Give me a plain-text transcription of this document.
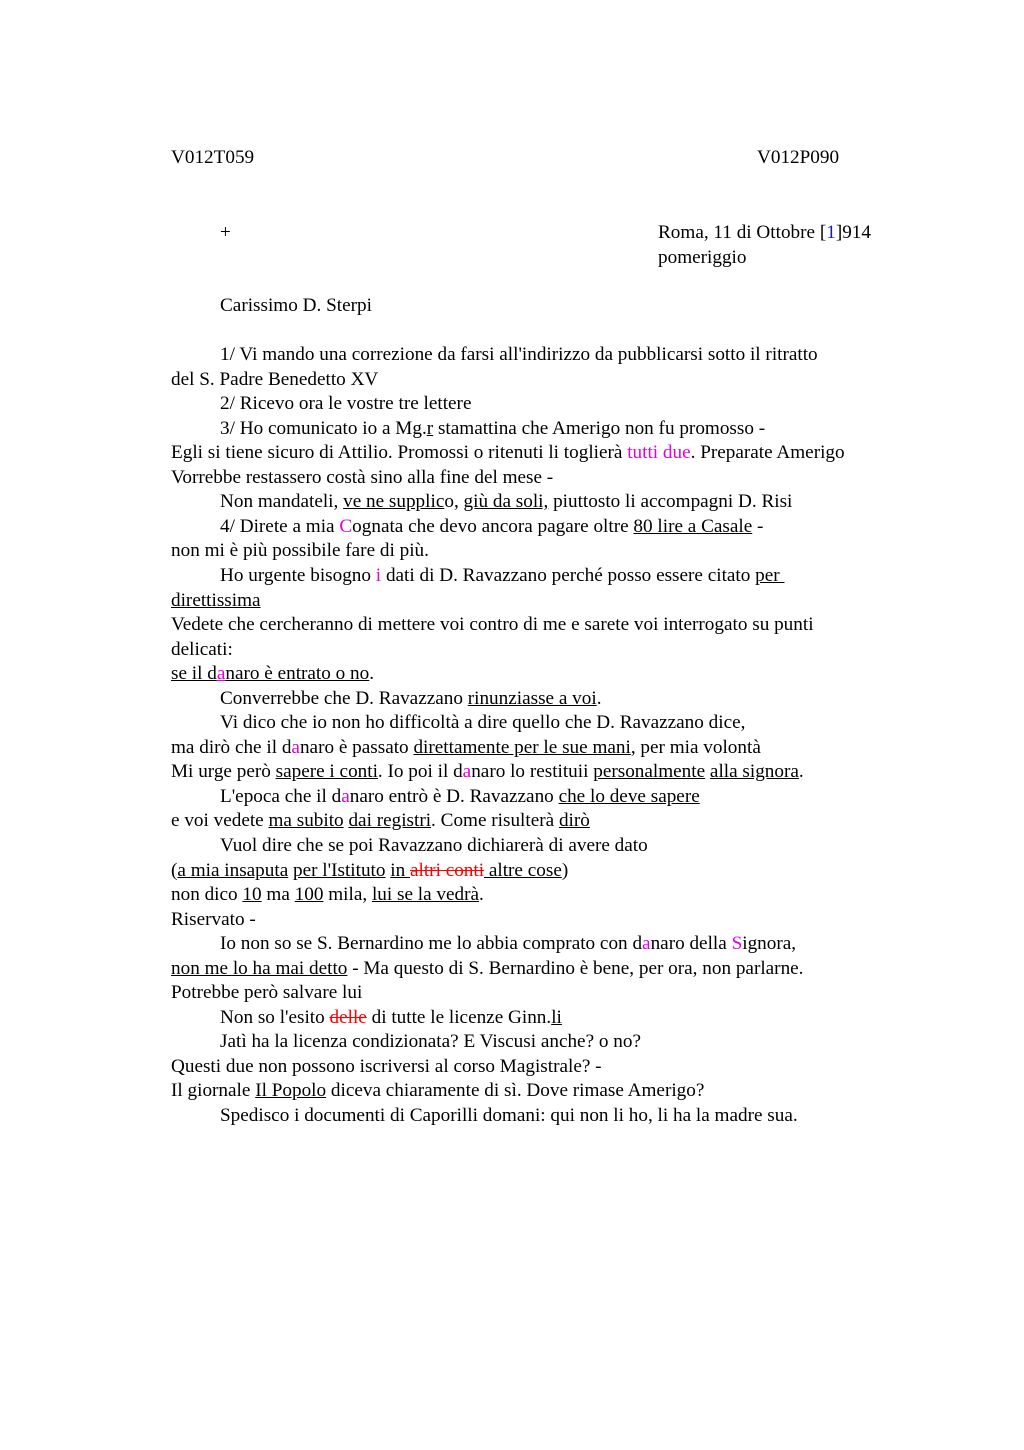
V012T059	V012P090
+	Roma, 11 di Ottobre [1]914
pomeriggio

Carissimo D. Sterpi

1/ Vi mando una correzione da farsi all'indirizzo da pubblicarsi sotto il ritratto

del S. Padre Benedetto XV

2/ Ricevo ora le vostre tre lettere

3/ Ho comunicato io a Mg.r stamattina che Amerigo non fu promosso -

Egli si tiene sicuro di Attilio. Promossi o ritenuti li toglierà tutti due. Preparate Amerigo

Vorrebbe restassero costà sino alla fine del mese -

Non mandateli, ve ne supplico, giù da soli, piuttosto li accompagni D. Risi

4/ Direte a mia Cognata che devo ancora pagare oltre 80 lire a Casale -

non mi è più possibile fare di più.

Ho urgente bisogno i dati di D. Ravazzano perché posso essere citato per

direttissima

Vedete che cercheranno di mettere voi contro di me e sarete voi interrogato su punti

delicati:

se il danaro è entrato o no.

Converrebbe che D. Ravazzano rinunziasse a voi.

Vi dico che io non ho difficoltà a dire quello che D. Ravazzano dice,

ma dirò che il danaro è passato direttamente per le sue mani, per mia volontà

Mi urge però sapere i conti. Io poi il danaro lo restituii personalmente alla signora.

L'epoca che il danaro entrò è D. Ravazzano che lo deve sapere

e voi vedete ma subito dai registri. Come risulterà dirò

Vuol dire che se poi Ravazzano dichiarerà di avere dato

(a mia insaputa per l'Istituto in altri conti altre cose)

non dico 10 ma 100 mila, lui se la vedrà.

Riservato -

Io non so se S. Bernardino me lo abbia comprato con danaro della Signora,

non me lo ha mai detto - Ma questo di S. Bernardino è bene, per ora, non parlarne.

Potrebbe però salvare lui

Non so l'esito delle di tutte le licenze Ginn.li

Jatì ha la licenza condizionata? E Viscusi anche? o no?

Questi due non possono iscriversi al corso Magistrale? -

Il giornale Il Popolo diceva chiaramente di sì. Dove rimase Amerigo?

Spedisco i documenti di Caporilli domani: qui non li ho, li ha la madre sua.
